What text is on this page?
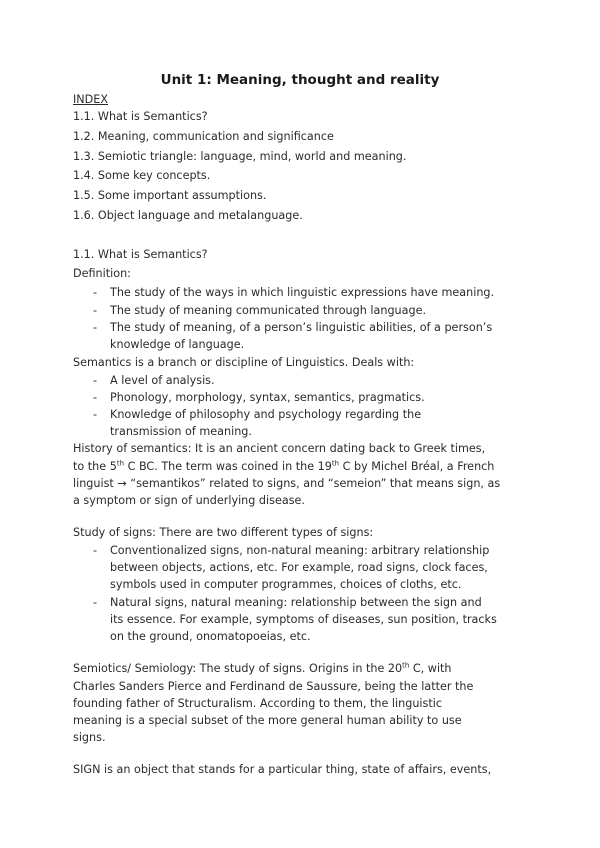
Unit 1: Meaning, thought and reality
INDEX
1.1. What is Semantics?
1.2. Meaning, communication and significance
1.3. Semiotic triangle: language, mind, world and meaning.
1.4. Some key concepts.
1.5. Some important assumptions.
1.6. Object language and metalanguage.
1.1. What is Semantics?
Definition:
- The study of the ways in which linguistic expressions have meaning.
- The study of meaning communicated through language.
- The study of meaning, of a person’s linguistic abilities, of a person’s
knowledge of language.
Semantics is a branch or discipline of Linguistics. Deals with:
- A level of analysis.
- Phonology, morphology, syntax, semantics, pragmatics.
- Knowledge of philosophy and psychology regarding the
transmission of meaning.
History of semantics: It is an ancient concern dating back to Greek times,
to the 5th C BC. The term was coined in the 19th C by Michel Bréal, a French
linguist → “semantikos” related to signs, and “semeion” that means sign, as
a symptom or sign of underlying disease.
Study of signs: There are two different types of signs:
- Conventionalized signs, non-natural meaning: arbitrary relationship
between objects, actions, etc. For example, road signs, clock faces,
symbols used in computer programmes, choices of cloths, etc.
- Natural signs, natural meaning: relationship between the sign and
its essence. For example, symptoms of diseases, sun position, tracks
on the ground, onomatopoeias, etc.
Semiotics/ Semiology: The study of signs. Origins in the 20th C, with
Charles Sanders Pierce and Ferdinand de Saussure, being the latter the
founding father of Structuralism. According to them, the linguistic
meaning is a special subset of the more general human ability to use
signs.
SIGN is an object that stands for a particular thing, state of affairs, events,
